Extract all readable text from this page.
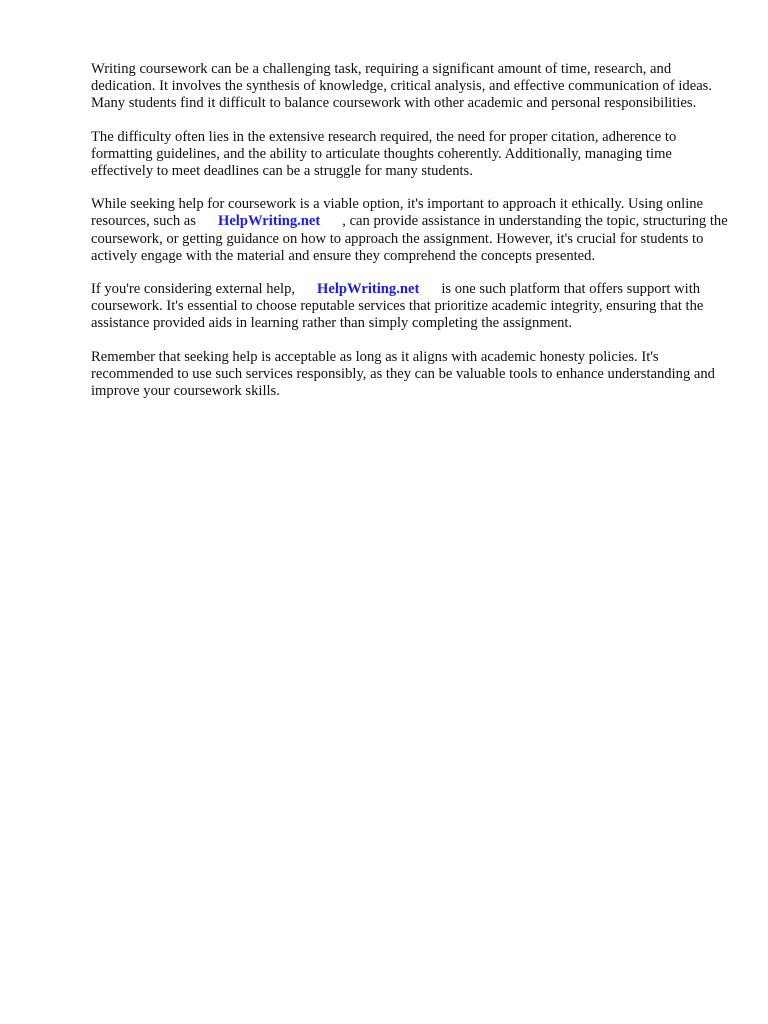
Writing coursework can be a challenging task, requiring a significant amount of time, research, and dedication. It involves the synthesis of knowledge, critical analysis, and effective communication of ideas. Many students find it difficult to balance coursework with other academic and personal responsibilities.

The difficulty often lies in the extensive research required, the need for proper citation, adherence to formatting guidelines, and the ability to articulate thoughts coherently. Additionally, managing time effectively to meet deadlines can be a struggle for many students.

While seeking help for coursework is a viable option, it's important to approach it ethically. Using online resources, such as HelpWriting.net , can provide assistance in understanding the topic, structuring the coursework, or getting guidance on how to approach the assignment. However, it's crucial for students to actively engage with the material and ensure they comprehend the concepts presented.

If you're considering external help, HelpWriting.net is one such platform that offers support with coursework. It's essential to choose reputable services that prioritize academic integrity, ensuring that the assistance provided aids in learning rather than simply completing the assignment.

Remember that seeking help is acceptable as long as it aligns with academic honesty policies. It's recommended to use such services responsibly, as they can be valuable tools to enhance understanding and improve your coursework skills.
